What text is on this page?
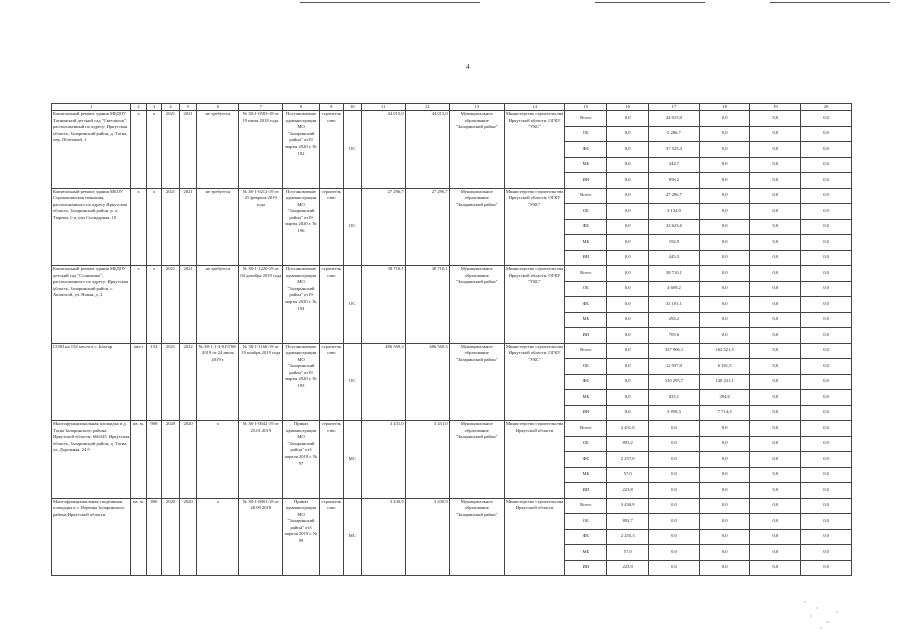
4
1	2	3	4	5	6	7	8	9	10	11	12	13	14	15	16	17	18	19	20
Капитальный ремонт здания МБДОУ Тагнинский детский сад "Светлячок", расположенный по адресу: Иркутская область, Заларинский район, д. Тагна, пер. Почтовый, 1	х	х	2021	2021	не требуется	№ 38-1-0583-18 от 19 июля 2018 года.	Постановление администрации МО "Заларинский район" от19 марты 2020 г. № 192	строительство	ОС	44 015,0	44 015,0	Муниципальное образование "Заларинский район"	Министерство строительства Иркутской области, ОГКУ "УКС"	Всего	0,0	44 015,0	0,0	0,0	0,0
														ОБ	0,0	5 286,7	0,0	0,0	0,0
														ФБ	0,0	37 525,4	0,0	0,0	0,0
														МБ	0,0	344,7	0,0	0,0	0,0
														ИИ	0,0	858,2	0,0	0,0	0,0
Капитальный ремонт здания МБОУ Сорокашинская гимназия, расположенного по адресу Иркутская область, Заларинский район, р. п. Тырешь 1-я, ули Солидарная, 10	х	х	2021	2021	не требуется	№ 38-1-0212-19 от 25 февраля 2019 года	Постановление администрации МО "Заларинский район" от19 марты 2020 г. № 196	строительство	ОС	27 296,7	27 296,7	Муниципальное образование "Заларинский район"	Министерство строительства Иркутской области, ОГКУ "УКС"	Всего	0,0	27 296,7	0,0	0,0	0,0
														ОБ	0,0	3 134,9	0,0	0,0	0,0
														ФБ	0,0	23 623,6	0,0	0,0	0,0
														МБ	0,0	192,9	0,0	0,0	0,0
														ИИ	0,0	445,3	0,0	0,0	0,0
Капитальный ремонт здания МБДОУ детский сад "Солнышко", расположенного по адресу: Иркутская область, Заларинский район, с. Холмогой, ул. Новая, д. 2	х	х	2021	2021	не требуется	№ 38-1-1220-19 от 04 декабря 2019 года	Постановление администрации МО "Заларинский район" от19 марты 2020 г. № 194	строительство	ОС	38 710,1	38 710,1	Муниципальное образование "Заларинский район"	Министерство строительства Иркутской области, ОГКУ "УКС"	Всего	0,0	38 710,1	0,0	0,0	0,0
														ОБ	0,0	4 609,2	0,0	0,0	0,0
														ФБ	0,0	33 101,1	0,0	0,0	0,0
														МБ	0,0	294,2	0,0	0,0	0,0
														ИИ	0,0	705,6	0,0	0,0	0,0
СОШ на 154 места в с. Бахтар	мест	154	2021	2022	№ 38-1-1-3-015768-2019 от 24 июля 2019 г.	№ 38-1-1166-19 от 19 ноября 2019 года	Постановление администрации МО "Заларинский район" от19 марты 2020 г. № 195	строительство	ОС	486 569,3	486 569,3	Муниципальное образование "Заларинский район"	Министерство строительства Иркутской области, ОГКУ "УКС"	Всего	0,0	327 906,1	162 521,5	0,0	0,0
														ОБ	0,0	12 937,0	6 181,5	0,0	0,0
														ФБ	0,0	310 295,7	148 231,1	0,0	0,0
														МБ	0,0	825,1	394,6	0,0	0,0
														ИИ	0,0	3 858,3	7 714,3	0,0	0,0
Многофункциональная площадка в д. Тагна Заларинского района, Иркутской области, 666345, Иркутская область, Заларинский район, д. Тагна, ул. Дорожная, 24 б	кв. м.	908	2020	2020	х	№ 38-1-0042-19 от 25.01.2019	Приказ администрации МО "Заларинский район" от3 апреля 2019 г. № 97	строительство	МС	3 431,0	3 431,0	Муниципальное образование "Заларинский район"	Министерство строительства Иркутской области	Всего	3 431,0	0,0	0,0	0,0	0,0
														ОБ	893,2	0,0	0,0	0,0	0,0
														ФБ	2 257,0	0,0	0,0	0,0	0,0
														МБ	57,0	0,0	0,0	0,0	0,0
														ИИ	223,8	0,0	0,0	0,0	0,0
Многофункциональная спортивная площадка в с. Веренка Заларинского района Иркутской области	кв. м.	800	2020	2020	х	№ 38-1-0801-18 от 28.09.2018	Приказ администрации МО "Заларинский район" от3 апреля 2019 г. № 99	строительство	МС	3 430,9	3 430,9	Муниципальное образование "Заларинский район"	Министерство строительства Иркутской области	Всего	3 430,9	0,0	0,0	0,0	0,0
														ОБ	892,7	0,0	0,0	0,0	0,0
														ФБ	2 255,3	0,0	0,0	0,0	0,0
														МБ	57,0	0,0	0,0	0,0	0,0
														ИИ	225,9	0,0	0,0	0,0	0,0
